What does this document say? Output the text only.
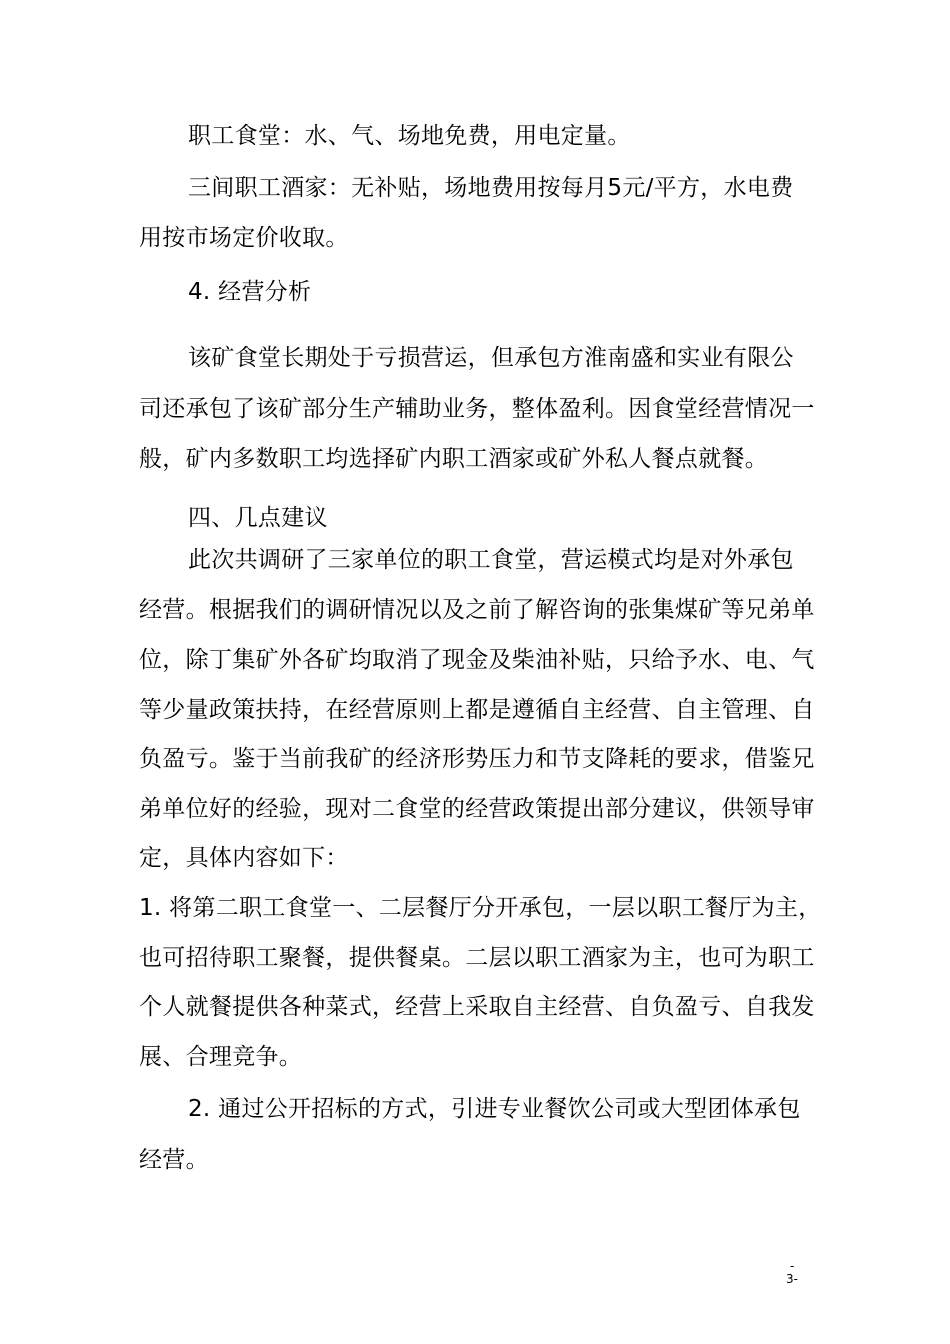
职工食堂：水、气、场地免费，用电定量。
三间职工酒家：无补贴，场地费用按每月5元/平方，水电费
用按市场定价收取。
4. 经营分析
该矿食堂长期处于亏损营运，但承包方淮南盛和实业有限公
司还承包了该矿部分生产辅助业务，整体盈利。因食堂经营情况一
般，矿内多数职工均选择矿内职工酒家或矿外私人餐点就餐。
四、几点建议
此次共调研了三家单位的职工食堂，营运模式均是对外承包
经营。根据我们的调研情况以及之前了解咨询的张集煤矿等兄弟单
位，除丁集矿外各矿均取消了现金及柴油补贴，只给予水、电、气
等少量政策扶持，在经营原则上都是遵循自主经营、自主管理、自
负盈亏。鉴于当前我矿的经济形势压力和节支降耗的要求，借鉴兄
弟单位好的经验，现对二食堂的经营政策提出部分建议，供领导审
定，具体内容如下：
1. 将第二职工食堂一、二层餐厅分开承包，一层以职工餐厅为主，
也可招待职工聚餐，提供餐桌。二层以职工酒家为主，也可为职工
个人就餐提供各种菜式，经营上采取自主经营、自负盈亏、自我发
展、合理竞争。
2. 通过公开招标的方式，引进专业餐饮公司或大型团体承包
经营。
-
3-
